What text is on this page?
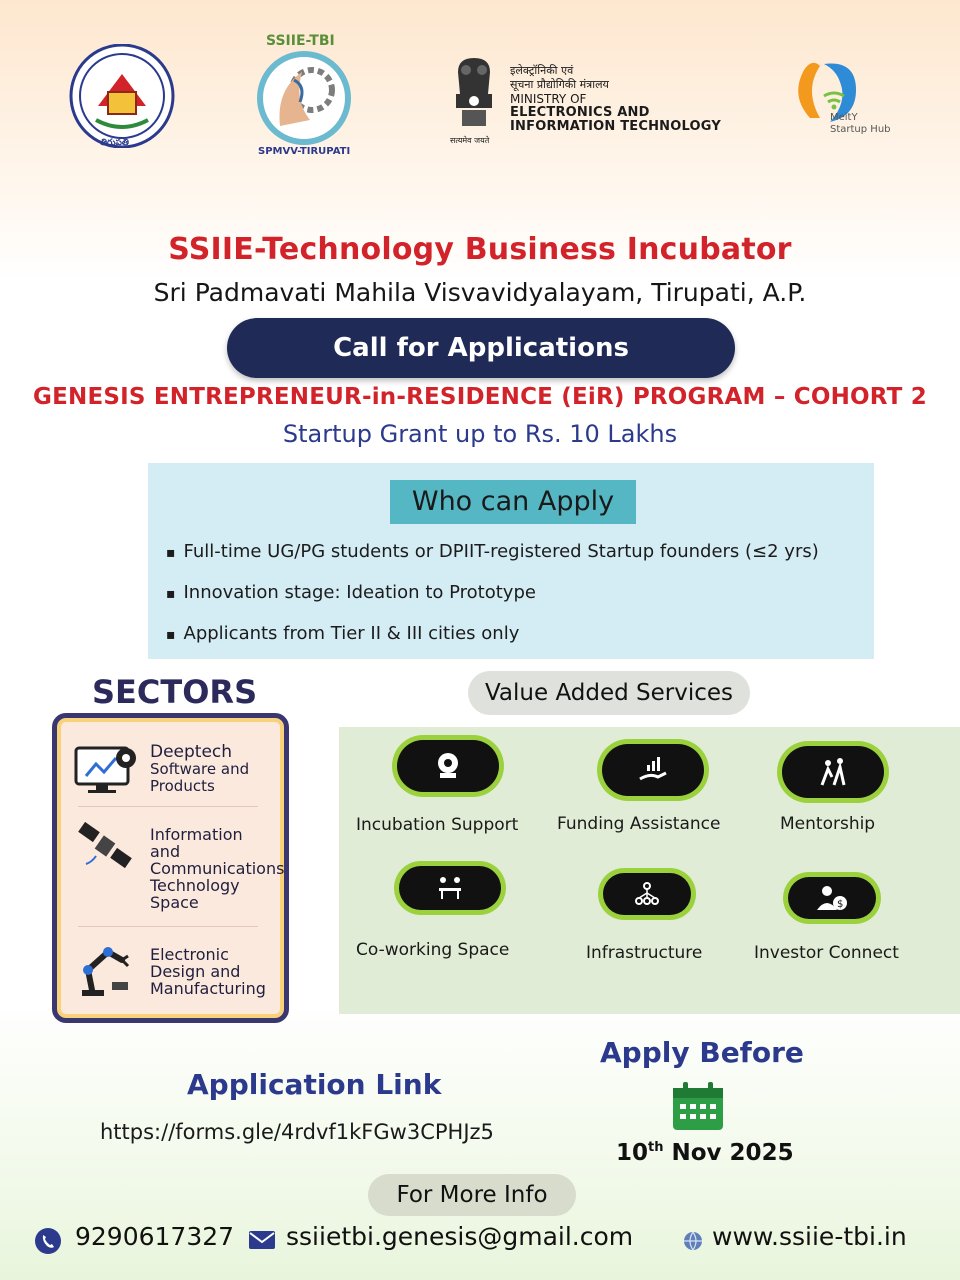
తిరుపతి
SSIIE-TBI
SPMVV-TIRUPATI
सत्यमेव जयते
इलेक्ट्रॉनिकी एवं
सूचना प्रौद्योगिकी मंत्रालय
MINISTRY OF
ELECTRONICS AND
INFORMATION TECHNOLOGY
MeitY
Startup Hub
SSIIE-Technology Business Incubator
Sri Padmavati Mahila Visvavidyalayam, Tirupati, A.P.
Call for Applications
GENESIS ENTREPRENEUR-in-RESIDENCE (EiR) PROGRAM – COHORT 2
Startup Grant up to Rs. 10 Lakhs
Who can Apply
▪ Full-time UG/PG students or DPIIT-registered Startup founders (≤2 yrs)
▪ Innovation stage: Ideation to Prototype
▪ Applicants from Tier II & III cities only
SECTORS
Deeptech
Software and
Products
Information
and
Communications
Technology
Space
Electronic
Design and
Manufacturing
Value Added Services
Incubation Support Funding Assistance	Mentorship
Co-working Space	Infrastructure
$
Investor Connect
Apply Before
10th Nov 2025
Application Link
https://forms.gle/4rdvf1kFGw3CPHJz5
For More Info
9290617327 ssiietbi.genesis@gmail.com	www.ssiie-tbi.in
